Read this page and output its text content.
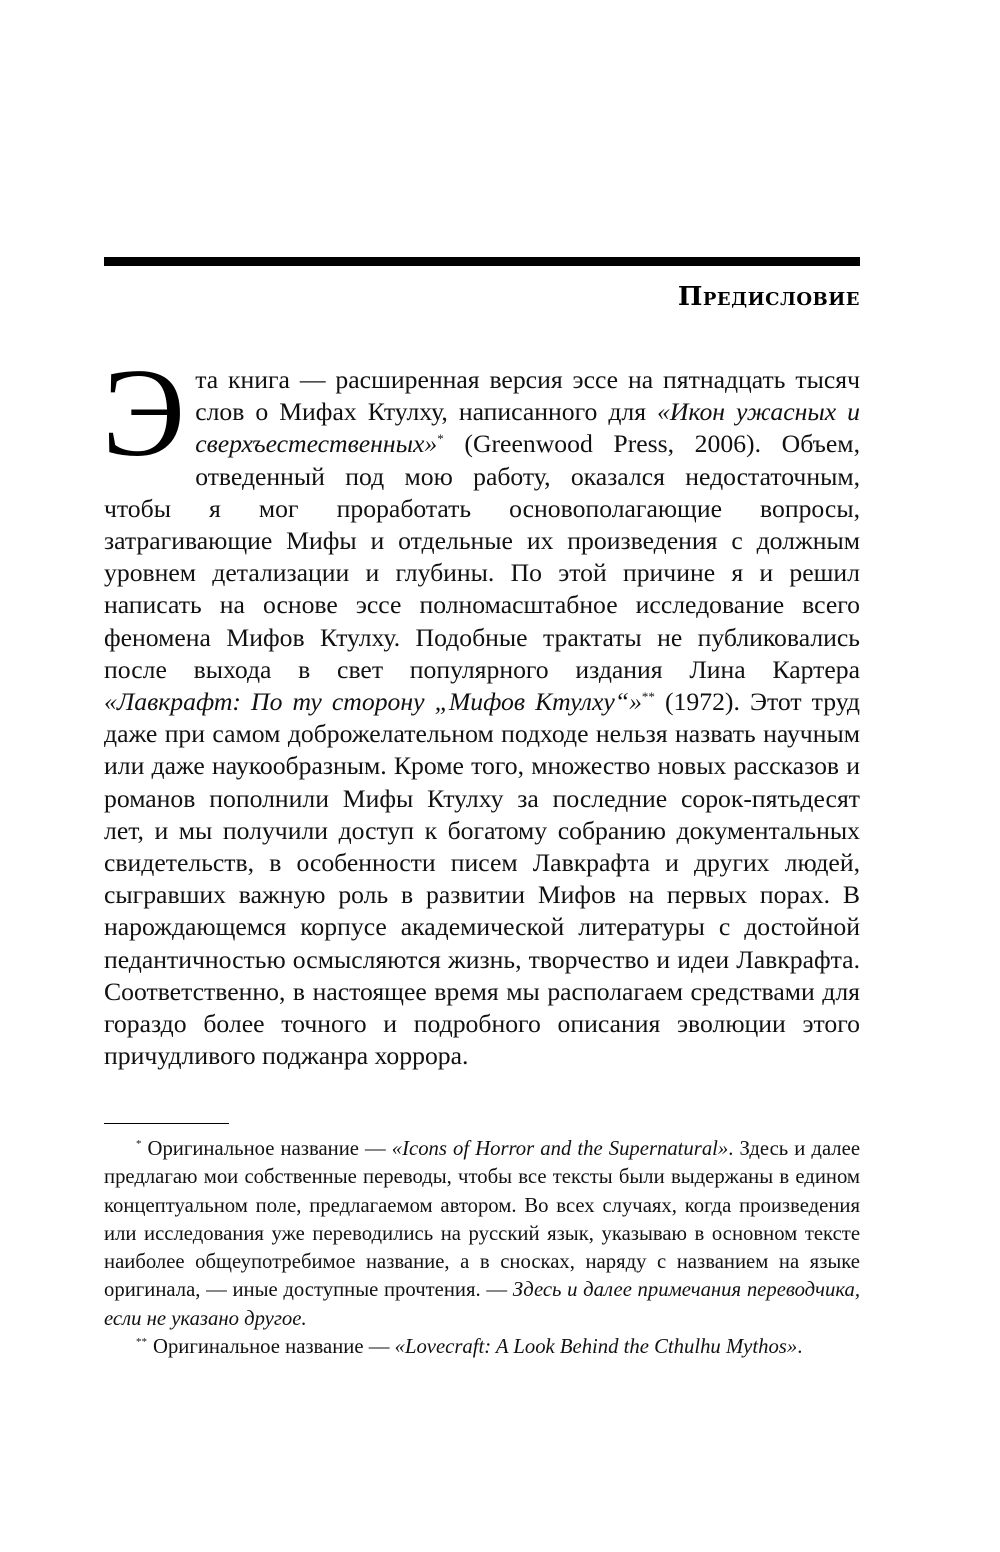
Предисловие

Эта книга — расширенная версия эссе на пятнадцать тысяч слов о Мифах Ктулху, написанного для «Икон ужасных и сверхъестественных»* (Greenwood Press, 2006). Объем, отведенный под мою работу, оказался недостаточным, чтобы я мог проработать основополагающие вопросы, затрагивающие Мифы и отдельные их произведения с должным уровнем детализации и глубины. По этой причине я и решил написать на основе эссе полномасштабное исследование всего феномена Мифов Ктулху. Подобные трактаты не публиковались после выхода в свет популярного издания Лина Картера «Лавкрафт: По ту сторону „Мифов Ктулху“»** (1972). Этот труд даже при самом доброжелательном подходе нельзя назвать научным или даже наукообразным. Кроме того, множество новых рассказов и романов пополнили Мифы Ктулху за последние сорок-пятьдесят лет, и мы получили доступ к богатому собранию документальных свидетельств, в особенности писем Лавкрафта и других людей, сыгравших важную роль в развитии Мифов на первых порах. В нарождающемся корпусе академической литературы с достойной педантичностью осмысляются жизнь, творчество и идеи Лавкрафта. Соответственно, в настоящее время мы располагаем средствами для гораздо более точного и подробного описания эволюции этого причудливого поджанра хоррора.

* Оригинальное название — «Icons of Horror and the Supernatural». Здесь и далее предлагаю мои собственные переводы, чтобы все тексты были выдержаны в едином концептуальном поле, предлагаемом автором. Во всех случаях, когда произведения или исследования уже переводились на русский язык, указываю в основном тексте наиболее общеупотребимое название, а в сносках, наряду с названием на языке оригинала, — иные доступные прочтения. — Здесь и далее примечания переводчика, если не указано другое.

** Оригинальное название — «Lovecraft: A Look Behind the Cthulhu Mythos».
